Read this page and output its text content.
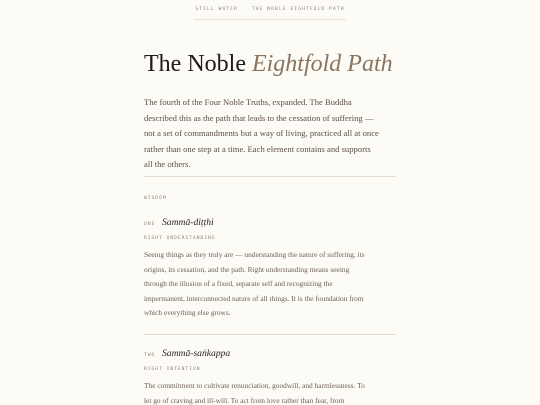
STILL WATER · THE NOBLE EIGHTFOLD PATH
The Noble Eightfold Path

The fourth of the Four Noble Truths, expanded. The Buddha described this as the path that leads to the cessation of suffering — not a set of commandments but a way of living, practiced all at once rather than one step at a time. Each element contains and supports all the others.

WISDOM
ONE Sammā-diṭṭhi
RIGHT UNDERSTANDING

Seeing things as they truly are — understanding the nature of suffering, its origins, its cessation, and the path. Right understanding means seeing through the illusion of a fixed, separate self and recognizing the impermanent, interconnected nature of all things. It is the foundation from which everything else grows.

TWO Sammā-saṅkappa
RIGHT INTENTION

The commitment to cultivate renunciation, goodwill, and harmlessness. To let go of craving and ill-will. To act from love rather than fear, from
